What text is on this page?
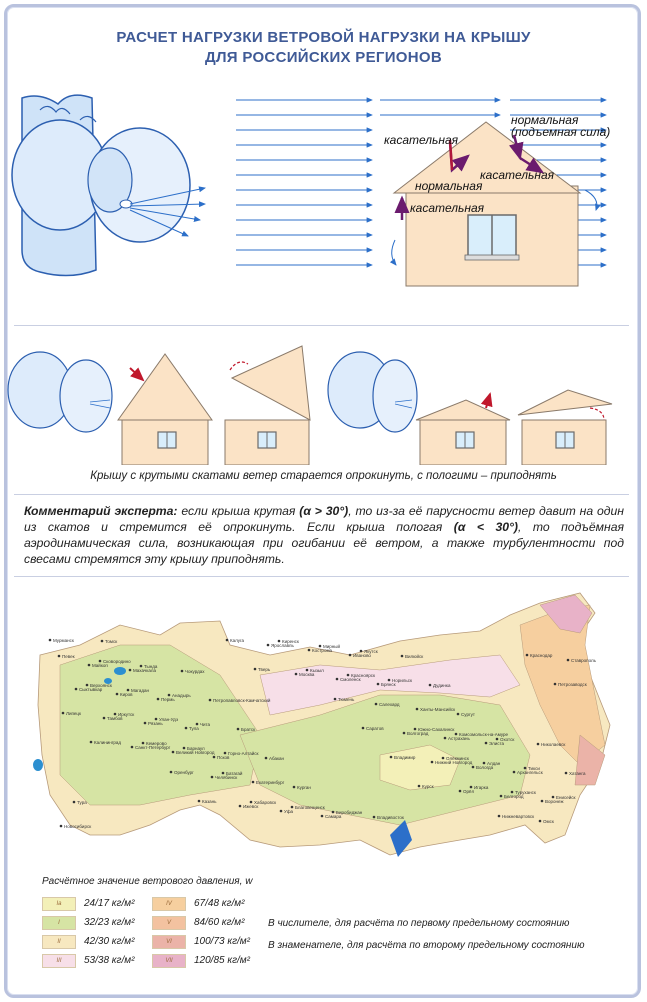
РАСЧЕТ НАГРУЗКИ ВЕТРОВОЙ НАГРУЗКИ НА КРЫШУ
ДЛЯ РОССИЙСКИХ РЕГИОНОВ
касательная
нормальная
(подъемная сила)
касательная
нормальная
касательная
Крышу с крутыми скатами ветер старается опрокинуть, с пологими – приподнять
Комментарий эксперта: если крыша крутая (α > 30°), то из-за её парусности ветер давит на один из скатов и стремится её опрокинуть. Если крыша пологая (α < 30°), то подъёмная аэродинамическая сила, возникающая при огибании её ветром, а также турбулентности под свесами стремятся эту крышу приподнять.
Мурманск
Калининград
Санкт-Петербург
Великий Новгород
Псков
Тверь
Москва
Смоленск
Брянск
Курск
Орёл
Белгород
Воронеж
Липецк
Тамбов
Рязань
Тула
Калуга
Ярославль
Кострома
Иваново
Владимир
Нижний Новгород
Вологда
Архангельск
Петрозаводск
Сыктывкар
Киров
Пермь
Казань
Ижевск
Уфа
Самара
Саратов
Волгоград
Астрахань
Элиста
Краснодар
Ставрополь
Майкоп
Махачкала
Оренбург
Челябинск
Екатеринбург
Курган
Тюмень
Салехард
Ханты-Мансийск
Сургут
Нижневартовск
Омск
Новосибирск
Томск
Кемерово
Барнаул
Горно-Алтайск
Абакан
Кызыл
Красноярск
Норильск
Дудинка
Игарка
Туруханск
Енисейск
Тура
Иркутск
Улан-Удэ
Чита
Братск
Киренск
Мирный
Якутск
Вилюйск
Олёкминск
Алдан
Тикси
Хатанга
Верхоянск
Магадан
Анадырь
Петропавловск-Камчатский
Хабаровск
Благовещенск
Биробиджан
Владивосток
Южно-Сахалинск
Комсомольск-на-Амуре
Охотск
Николаевск
Певек
Сковородино
Тында
Чокурдах
Батагай
Расчётное значение ветрового давления, w
Ia	24/17 кг/м²
I	32/23 кг/м²
II	42/30 кг/м²
III	53/38 кг/м²
IV	67/48 кг/м²
V	84/60 кг/м²
VI	100/73 кг/м²
VII	120/85 кг/м²
В числителе, для расчёта по первому предельному состоянию
В знаменателе, для расчёта по второму предельному состоянию
